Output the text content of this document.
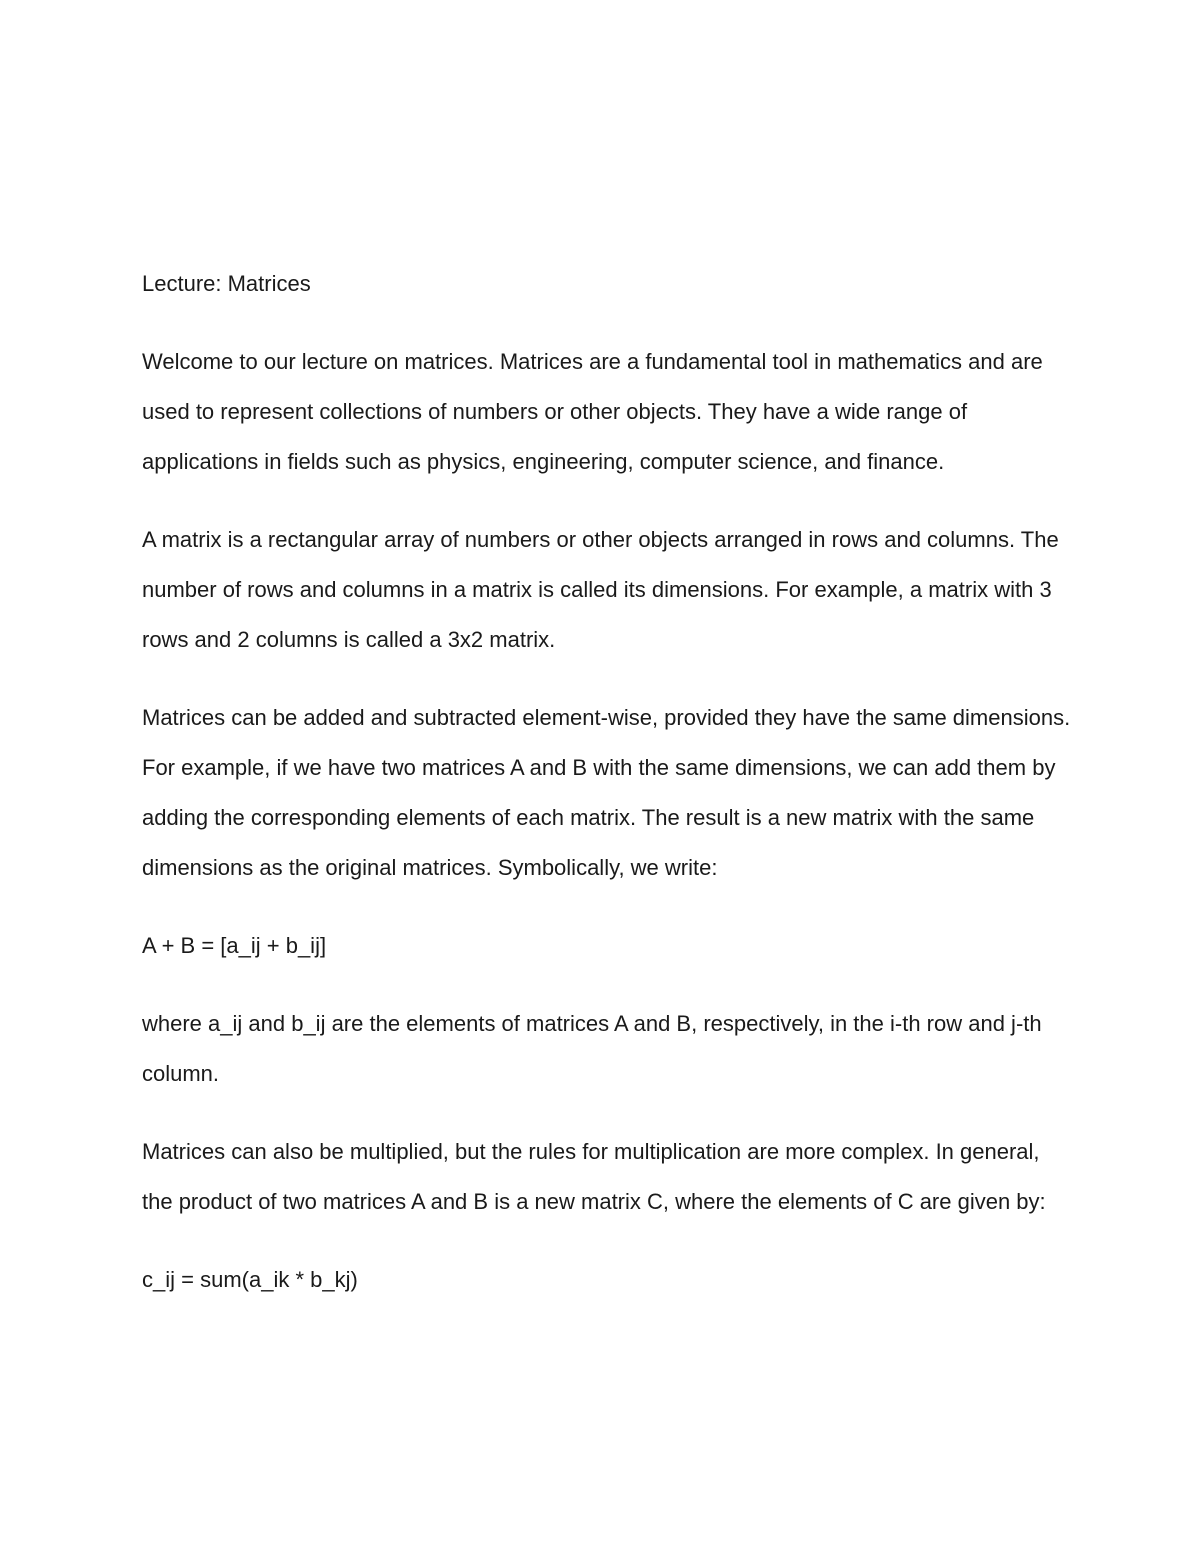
Lecture: Matrices

Welcome to our lecture on matrices. Matrices are a fundamental tool in mathematics and are used to represent collections of numbers or other objects. They have a wide range of applications in fields such as physics, engineering, computer science, and finance.

A matrix is a rectangular array of numbers or other objects arranged in rows and columns. The number of rows and columns in a matrix is called its dimensions. For example, a matrix with 3 rows and 2 columns is called a 3x2 matrix.

Matrices can be added and subtracted element-wise, provided they have the same dimensions. For example, if we have two matrices A and B with the same dimensions, we can add them by adding the corresponding elements of each matrix. The result is a new matrix with the same dimensions as the original matrices. Symbolically, we write:

A + B = [a_ij + b_ij]

where a_ij and b_ij are the elements of matrices A and B, respectively, in the i-th row and j-th column.

Matrices can also be multiplied, but the rules for multiplication are more complex. In general, the product of two matrices A and B is a new matrix C, where the elements of C are given by:

c_ij = sum(a_ik * b_kj)
